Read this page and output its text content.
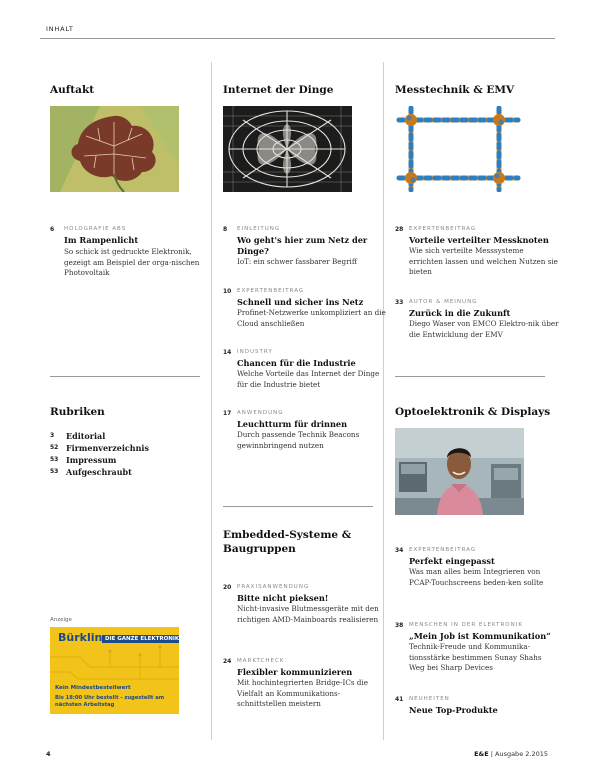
INHALT
Auftakt
6 HOLOGRAFIE ABS
Im Rampenlicht
So schick ist gedruckte Elektronik, gezeigt am Beispiel der orga-nischen Photovoltaik
Rubriken
3 Editorial
52 Firmenverzeichnis
53 Impressum
53 Aufgeschraubt
Anzeige
Bürklin DIE GANZE ELEKTRONIK
Kein Mindestbestellwert
Bis 18:00 Uhr bestellt - zugestellt am nächsten Arbeitstag
Internet der Dinge
8 EINLEITUNG
Wo geht's hier zum Netz der Dinge?
IoT: ein schwer fassbarer Begriff
10 EXPERTENBEITRAG
Schnell und sicher ins Netz
Profinet-Netzwerke unkompliziert an die Cloud anschließen
14 INDUSTRY
Chancen für die Industrie
Welche Vorteile das Internet der Dinge für die Industrie bietet
17 ANWENDUNG
Leuchtturm für drinnen
Durch passende Technik Beacons gewinnbringend nutzen
Embedded-Systeme & Baugruppen
20 PRAXISANWENDUNG
Bitte nicht pieksen!
Nicht-invasive Blutmessgeräte mit den richtigen AMD-Mainboards realisieren
24 MARKTCHECK
Flexibler kommunizieren
Mit hochintegrierten Bridge-ICs die Vielfalt an Kommunikations-schnittstellen meistern
Messtechnik & EMV
28 EXPERTENBEITRAG
Vorteile verteilter Messknoten
Wie sich verteilte Messsysteme errichten lassen und welchen Nutzen sie bieten
33 AUTOR & MEINUNG
Zurück in die Zukunft
Diego Waser von EMCO Elektro-nik über die Entwicklung der EMV
Optoelektronik & Displays
34 EXPERTENBEITRAG
Perfekt eingepasst
Was man alles beim Integrieren von PCAP-Touchscreens beden-ken sollte
38 MENSCHEN IN DER ELEKTRONIK
„Mein Job ist Kommunikation“
Technik-Freude und Kommunika-tionsstärke bestimmen Sunay Shahs Weg bei Sharp Devices
41 NEUHEITEN
Neue Top-Produkte
4	E&E | Ausgabe 2.2015
